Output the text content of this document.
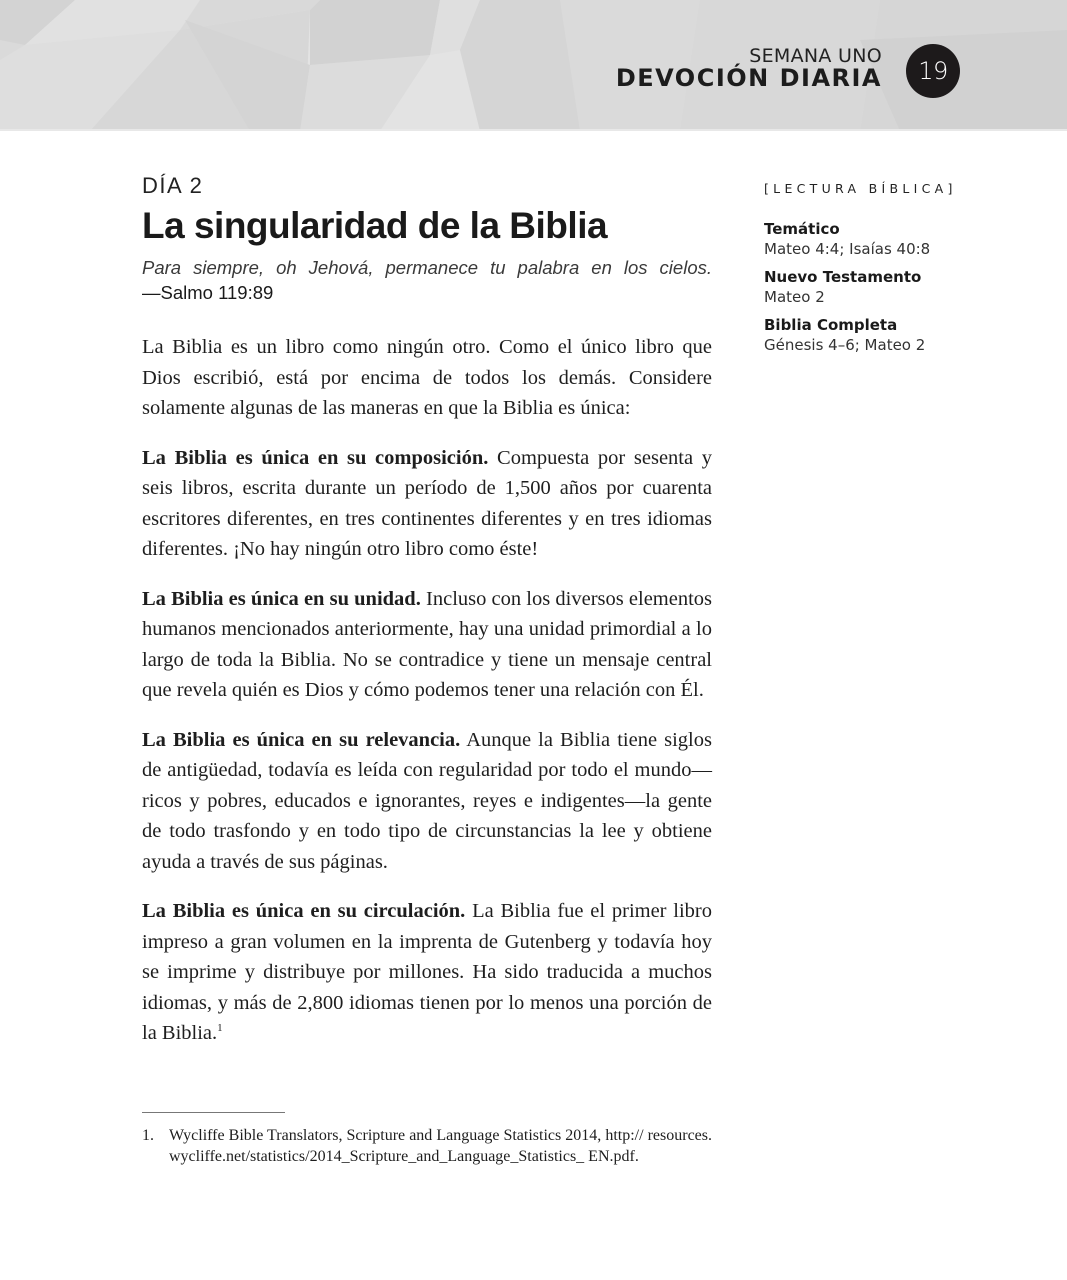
SEMANA UNO
DEVOCIÓN DIARIA 19
DÍA 2
La singularidad de la Biblia
Para siempre, oh Jehová, permanece tu palabra en los cielos.
—Salmo 119:89

La Biblia es un libro como ningún otro. Como el único libro que Dios escribió, está por encima de todos los demás. Considere solamente algunas de las maneras en que la Biblia es única:

La Biblia es única en su composición. Compuesta por sesenta y seis libros, escrita durante un período de 1,500 años por cuarenta escritores diferentes, en tres continentes diferentes y en tres idiomas diferentes. ¡No hay ningún otro libro como éste!

La Biblia es única en su unidad. Incluso con los diversos elementos humanos mencionados anteriormente, hay una unidad primordial a lo largo de toda la Biblia. No se contradice y tiene un mensaje central que revela quién es Dios y cómo podemos tener una relación con Él.

La Biblia es única en su relevancia. Aunque la Biblia tiene siglos de antigüedad, todavía es leída con regularidad por todo el mundo—ricos y pobres, educados e ignorantes, reyes e indigentes—la gente de todo trasfondo y en todo tipo de circunstancias la lee y obtiene ayuda a través de sus páginas.

La Biblia es única en su circulación. La Biblia fue el primer libro impreso a gran volumen en la imprenta de Gutenberg y todavía hoy se imprime y distribuye por millones. Ha sido traducida a muchos idiomas, y más de 2,800 idiomas tienen por lo menos una porción de la Biblia.$^1$

1. Wycliffe Bible Translators, Scripture and Language Statistics 2014, http:// resources.wycliffe.net/statistics/2014_Scripture_and_Language_Statistics_ EN.pdf.
[LECTURA BÍBLICA]
Temático
Mateo 4:4; Isaías 40:8
Nuevo Testamento
Mateo 2
Biblia Completa
Génesis 4–6; Mateo 2
